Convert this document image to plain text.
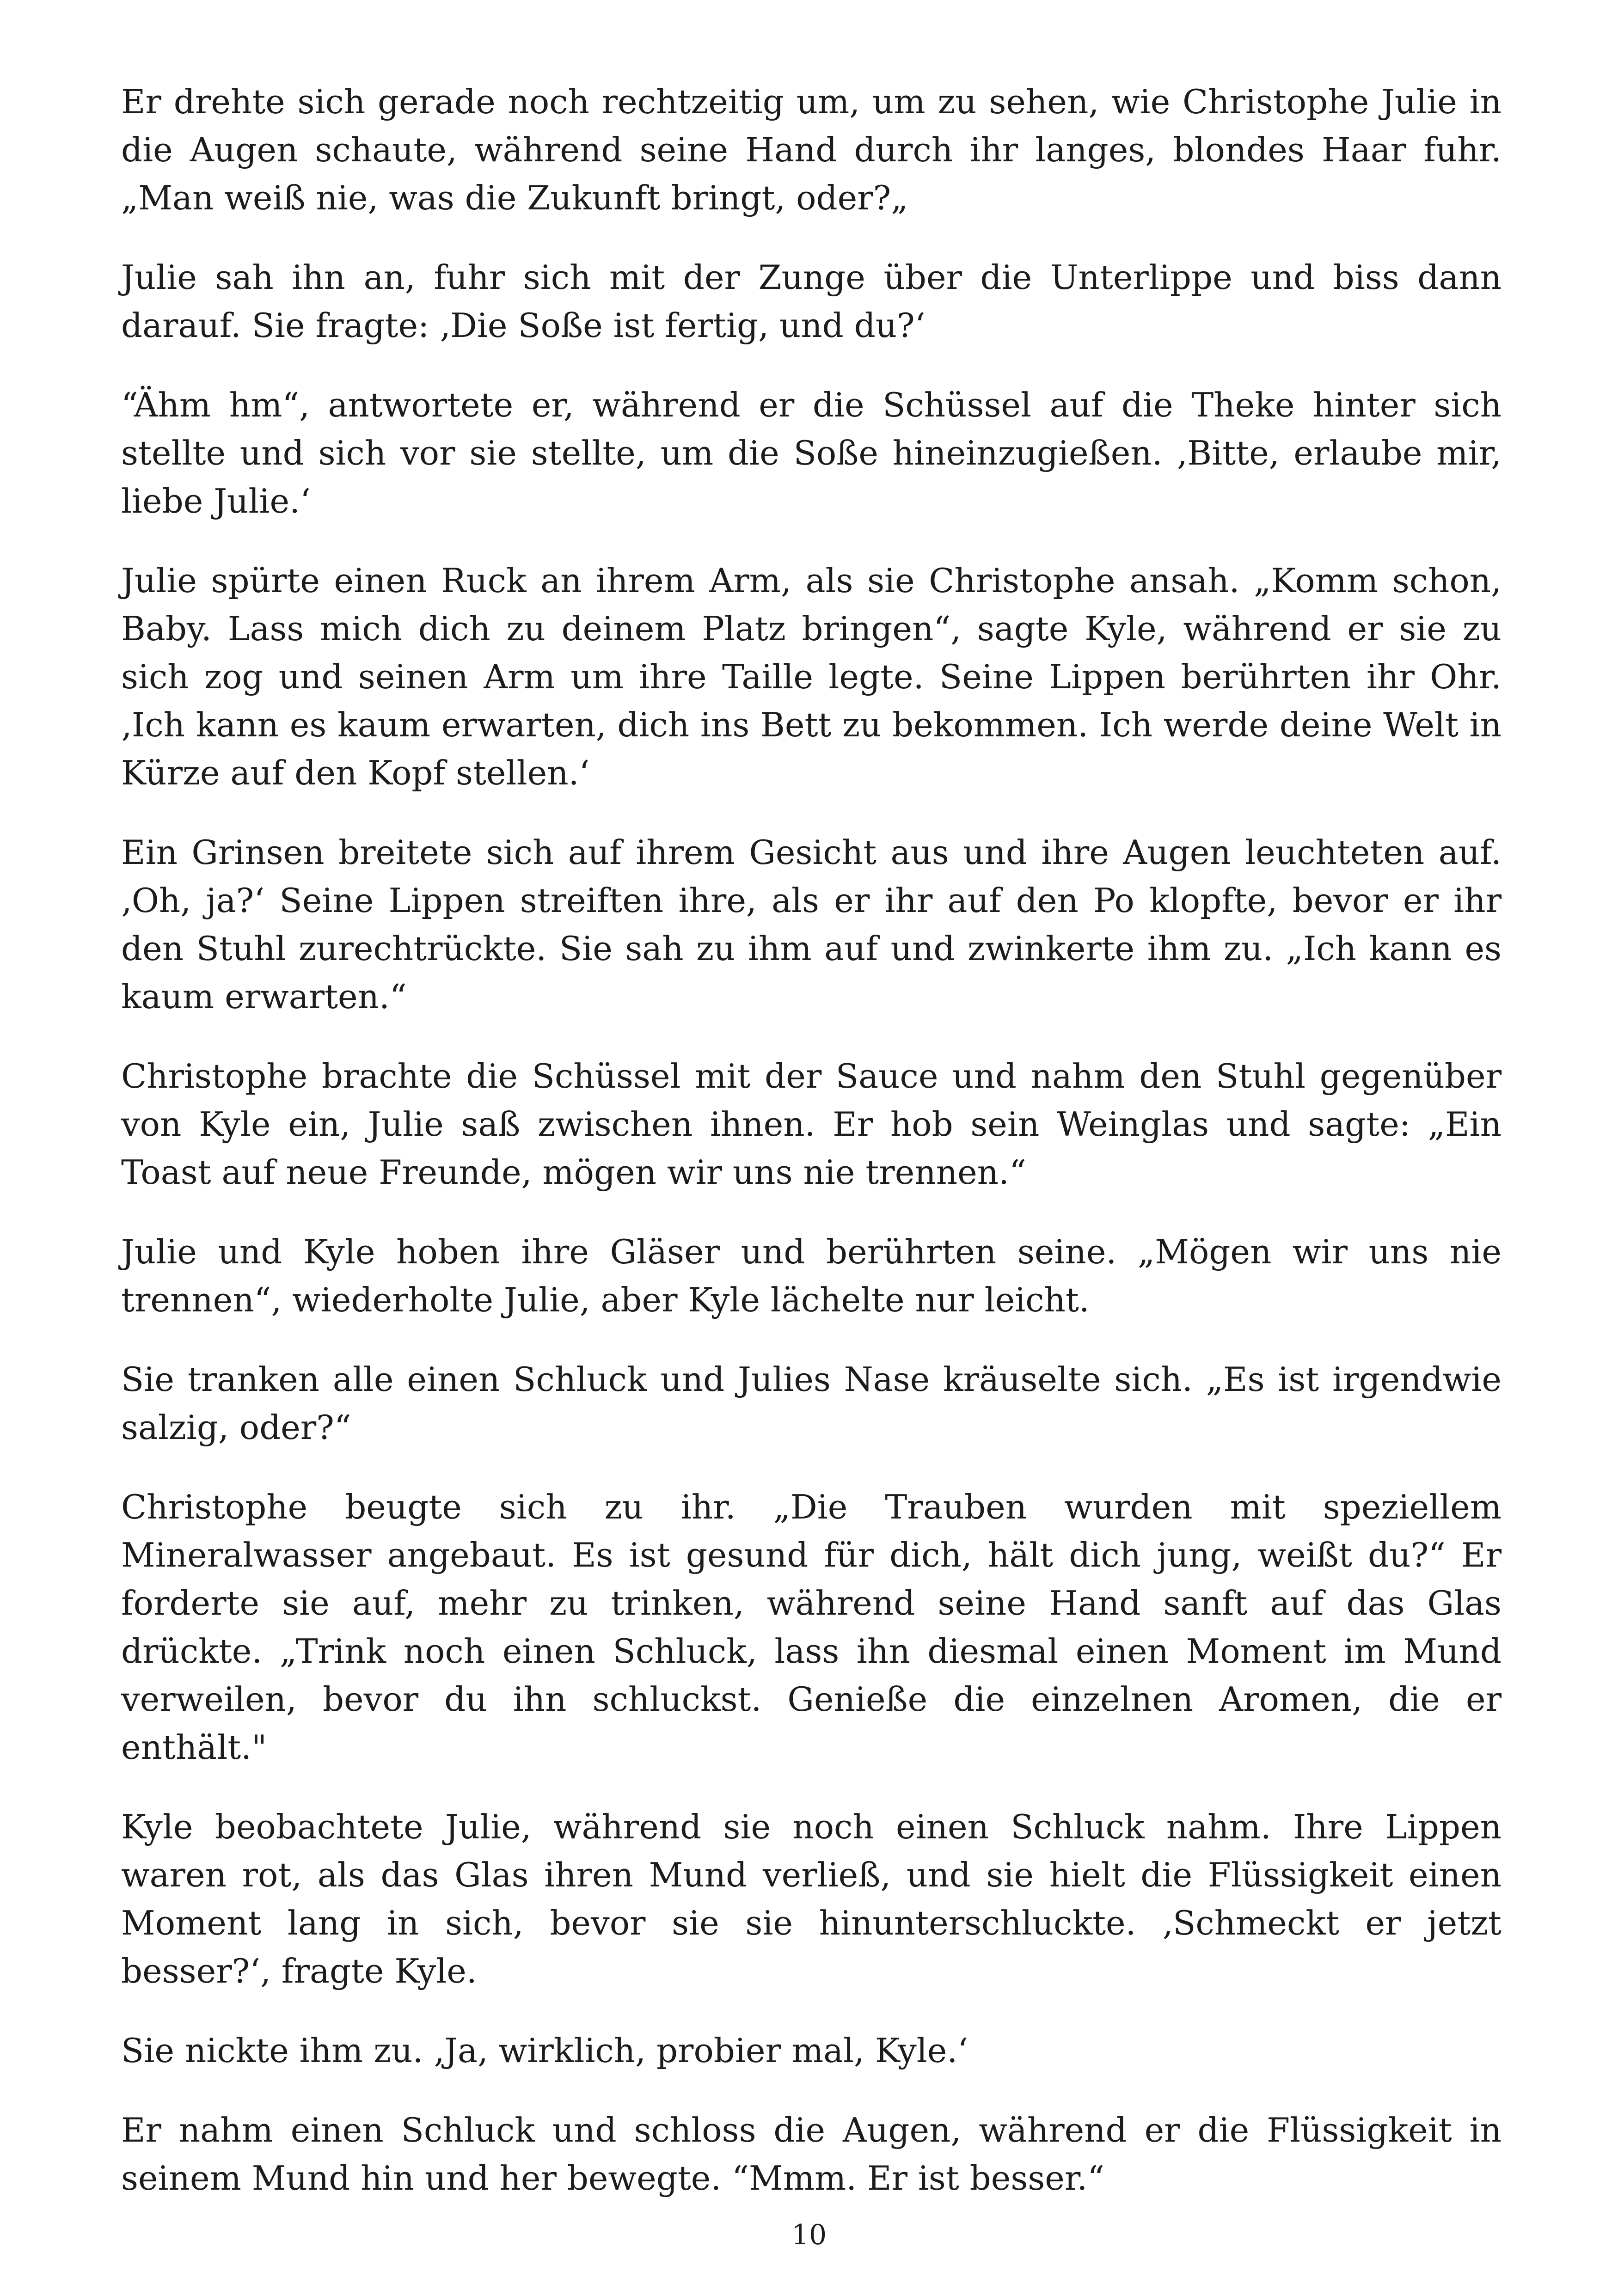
Er drehte sich gerade noch rechtzeitig um, um zu sehen, wie Christophe Julie in die Augen schaute, während seine Hand durch ihr langes, blondes Haar fuhr. „Man weiß nie, was die Zukunft bringt, oder?„

Julie sah ihn an, fuhr sich mit der Zunge über die Unterlippe und biss dann darauf. Sie fragte: ‚Die Soße ist fertig, und du?‘

“Ähm hm“, antwortete er, während er die Schüssel auf die Theke hinter sich stellte und sich vor sie stellte, um die Soße hineinzugießen. ‚Bitte, erlaube mir, liebe Julie.‘

Julie spürte einen Ruck an ihrem Arm, als sie Christophe ansah. „Komm schon, Baby. Lass mich dich zu deinem Platz bringen“, sagte Kyle, während er sie zu sich zog und seinen Arm um ihre Taille legte. Seine Lippen berührten ihr Ohr. ‚Ich kann es kaum erwarten, dich ins Bett zu bekommen. Ich werde deine Welt in Kürze auf den Kopf stellen.‘

Ein Grinsen breitete sich auf ihrem Gesicht aus und ihre Augen leuchteten auf. ‚Oh, ja?‘ Seine Lippen streiften ihre, als er ihr auf den Po klopfte, bevor er ihr den Stuhl zurechtrückte. Sie sah zu ihm auf und zwinkerte ihm zu. „Ich kann es kaum erwarten.“

Christophe brachte die Schüssel mit der Sauce und nahm den Stuhl gegenüber von Kyle ein, Julie saß zwischen ihnen. Er hob sein Weinglas und sagte: „Ein Toast auf neue Freunde, mögen wir uns nie trennen.“

Julie und Kyle hoben ihre Gläser und berührten seine. „Mögen wir uns nie trennen“, wiederholte Julie, aber Kyle lächelte nur leicht.

Sie tranken alle einen Schluck und Julies Nase kräuselte sich. „Es ist irgendwie salzig, oder?“

Christophe beugte sich zu ihr. „Die Trauben wurden mit speziellem Mineralwasser angebaut. Es ist gesund für dich, hält dich jung, weißt du?“ Er forderte sie auf, mehr zu trinken, während seine Hand sanft auf das Glas drückte. „Trink noch einen Schluck, lass ihn diesmal einen Moment im Mund verweilen, bevor du ihn schluckst. Genieße die einzelnen Aromen, die er enthält."

Kyle beobachtete Julie, während sie noch einen Schluck nahm. Ihre Lippen waren rot, als das Glas ihren Mund verließ, und sie hielt die Flüssigkeit einen Moment lang in sich, bevor sie sie hinunterschluckte. ‚Schmeckt er jetzt besser?‘, fragte Kyle.

Sie nickte ihm zu. ‚Ja, wirklich, probier mal, Kyle.‘

Er nahm einen Schluck und schloss die Augen, während er die Flüssigkeit in seinem Mund hin und her bewegte. “Mmm. Er ist besser.“

10
